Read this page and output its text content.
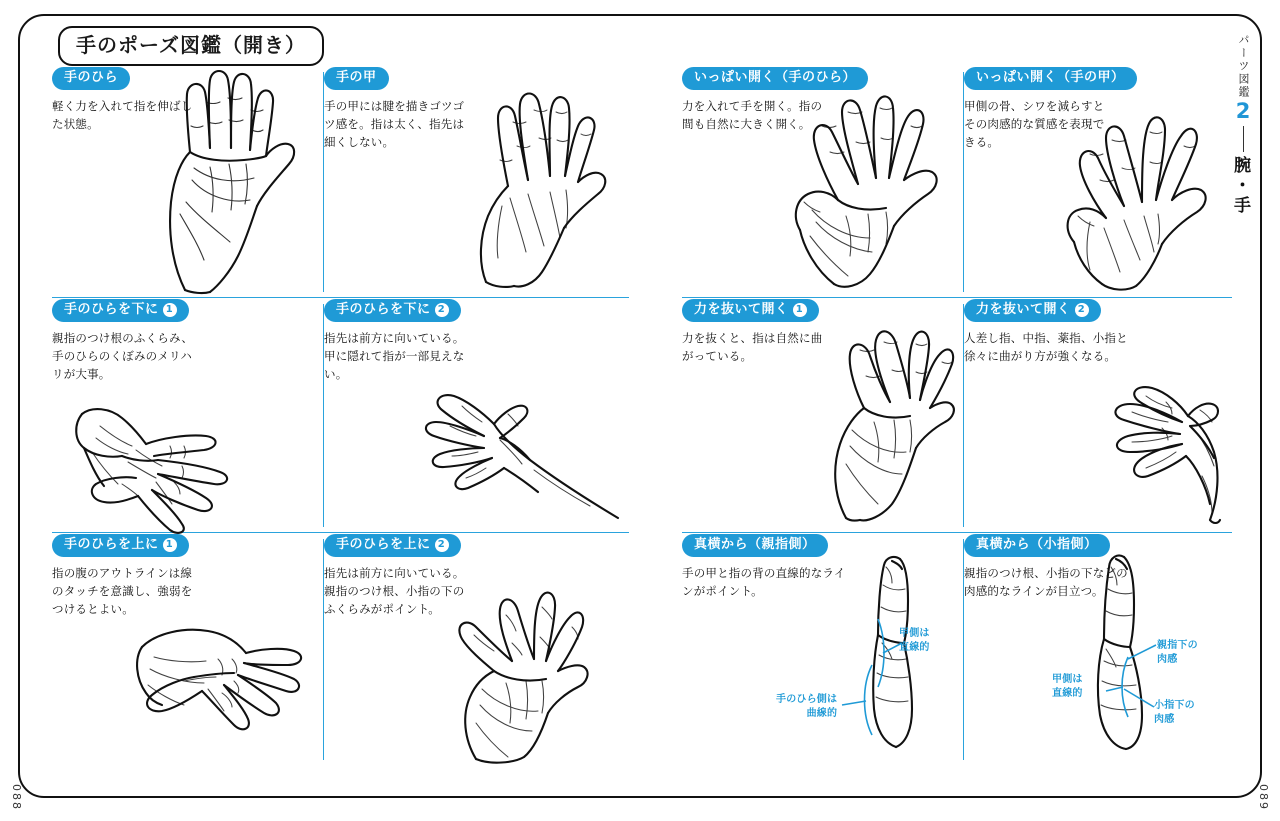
手のポーズ図鑑（開き）	パーツ図鑑
2
腕・手
088	089
手のひら
軽く力を入れて指を伸ばした状態。
手の甲
手の甲には腱を描きゴツゴツ感を。指は太く、指先は細くしない。
いっぱい開く（手のひら）
力を入れて手を開く。指の間も自然に大きく開く。
いっぱい開く（手の甲）
甲側の骨、シワを減らすとその肉感的な質感を表現できる。
手のひらを下に 1
親指のつけ根のふくらみ、手のひらのくぼみのメリハリが大事。
手のひらを下に 2
指先は前方に向いている。甲に隠れて指が一部見えない。
力を抜いて開く 1
力を抜くと、指は自然に曲がっている。
力を抜いて開く 2
人差し指、中指、薬指、小指と徐々に曲がり方が強くなる。
手のひらを上に 1
指の腹のアウトラインは線のタッチを意識し、強弱をつけるとよい。
手のひらを上に 2
指先は前方に向いている。親指のつけ根、小指の下のふくらみがポイント。
真横から（親指側）
手の甲と指の背の直線的なラインがポイント。
甲側は
直線的
手のひら側は
曲線的
真横から（小指側）
親指のつけ根、小指の下などの肉感的なラインが目立つ。
親指下の
肉感
甲側は
直線的
小指下の
肉感
